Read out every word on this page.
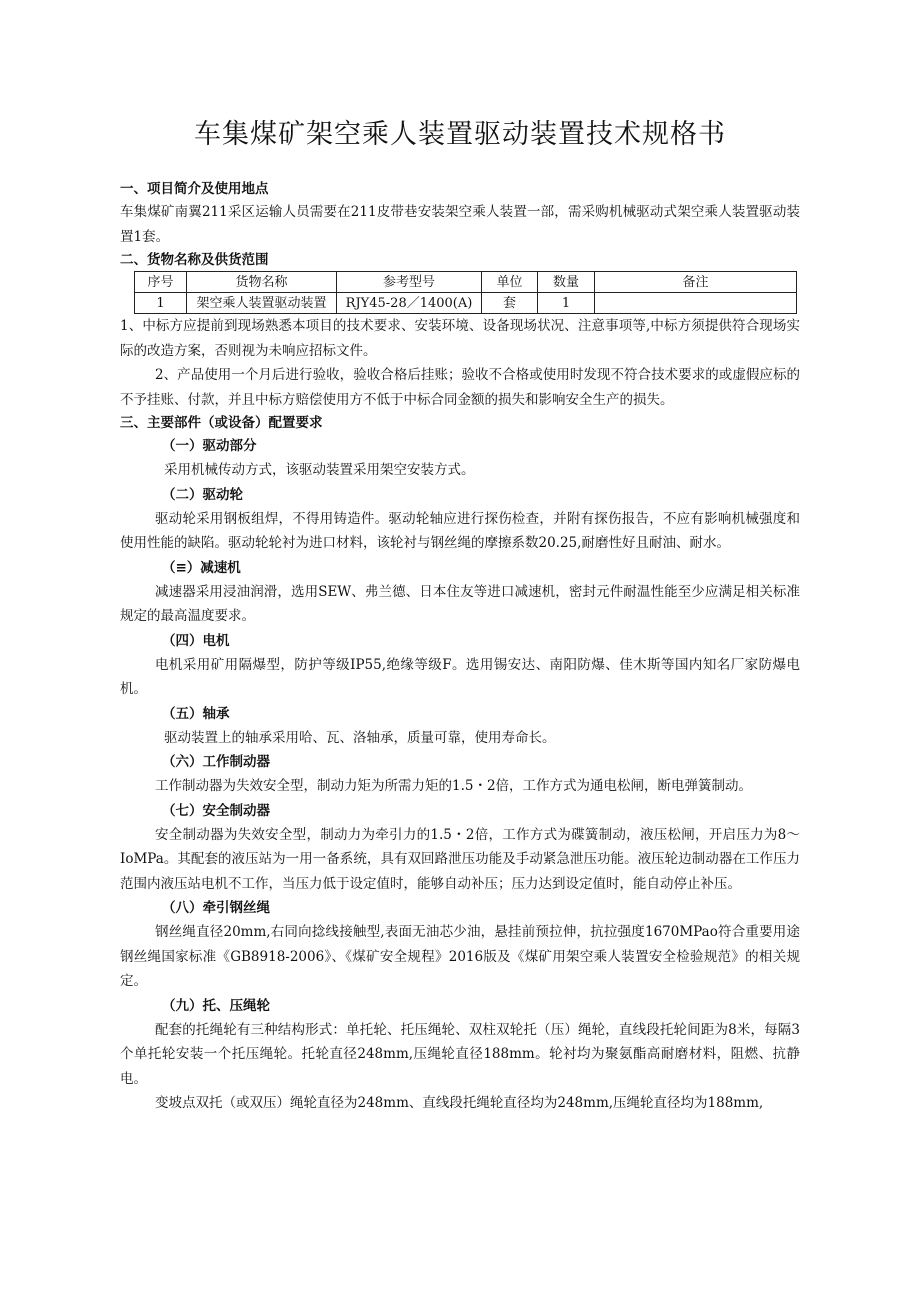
车集煤矿架空乘人装置驱动装置技术规格书
一、项目简介及使用地点

车集煤矿南翼211采区运输人员需要在211皮带巷安装架空乘人装置一部，需采购机械驱动式架空乘人装置驱动装置1套。

二、货物名称及供货范围
序号	货物名称	参考型号	单位	数量	备注
1	架空乘人装置驱动装置	RJY45-28／1400(A)	套	1	

1、中标方应提前到现场熟悉本项目的技术要求、安装环境、设备现场状况、注意事项等,中标方须提供符合现场实际的改造方案，否则视为未响应招标文件。

2、产品使用一个月后进行验收，验收合格后挂账；验收不合格或使用时发现不符合技术要求的或虚假应标的不予挂账、付款，并且中标方赔偿使用方不低于中标合同金额的损失和影响安全生产的损失。

三、主要部件（或设备）配置要求
（一）驱动部分

采用机械传动方式，该驱动装置采用架空安装方式。

（二）驱动轮

驱动轮采用钢板组焊，不得用铸造件。驱动轮轴应进行探伤检查，并附有探伤报告，不应有影响机械强度和使用性能的缺陷。驱动轮轮衬为进口材料，该轮衬与钢丝绳的摩擦系数20.25,耐磨性好且耐油、耐水。

（≡）减速机

减速器采用浸油润滑，选用SEW、弗兰德、日本住友等进口减速机，密封元件耐温性能至少应满足相关标准规定的最高温度要求。

（四）电机

电机采用矿用隔爆型，防护等级IP55,绝缘等级F。选用锡安达、南阳防爆、佳木斯等国内知名厂家防爆电机。

（五）轴承

驱动装置上的轴承采用哈、瓦、洛轴承，质量可靠，使用寿命长。

（六）工作制动器

工作制动器为失效安全型，制动力矩为所需力矩的1.5・2倍，工作方式为通电松闸，断电弹簧制动。

（七）安全制动器

安全制动器为失效安全型，制动力为牵引力的1.5・2倍，工作方式为碟簧制动，液压松闸，开启压力为8～IoMPa。其配套的液压站为一用一备系统，具有双回路泄压功能及手动紧急泄压功能。液压轮边制动器在工作压力范围内液压站电机不工作，当压力低于设定值时，能够自动补压；压力达到设定值时，能自动停止补压。

（八）牵引钢丝绳

钢丝绳直径20mm,右同向捻线接触型,表面无油芯少油，悬挂前预拉伸，抗拉强度1670MPao符合重要用途钢丝绳国家标准《GB8918-2006》、《煤矿安全规程》2016版及《煤矿用架空乘人装置安全检验规范》的相关规定。

（九）托、压绳轮

配套的托绳轮有三种结构形式：单托轮、托压绳轮、双柱双轮托（压）绳轮，直线段托轮间距为8米，每隔3个单托轮安装一个托压绳轮。托轮直径248mm,压绳轮直径188mm。轮衬均为聚氨酯高耐磨材料，阻燃、抗静电。

变坡点双托（或双压）绳轮直径为248mm、直线段托绳轮直径均为248mm,压绳轮直径均为188mm,
